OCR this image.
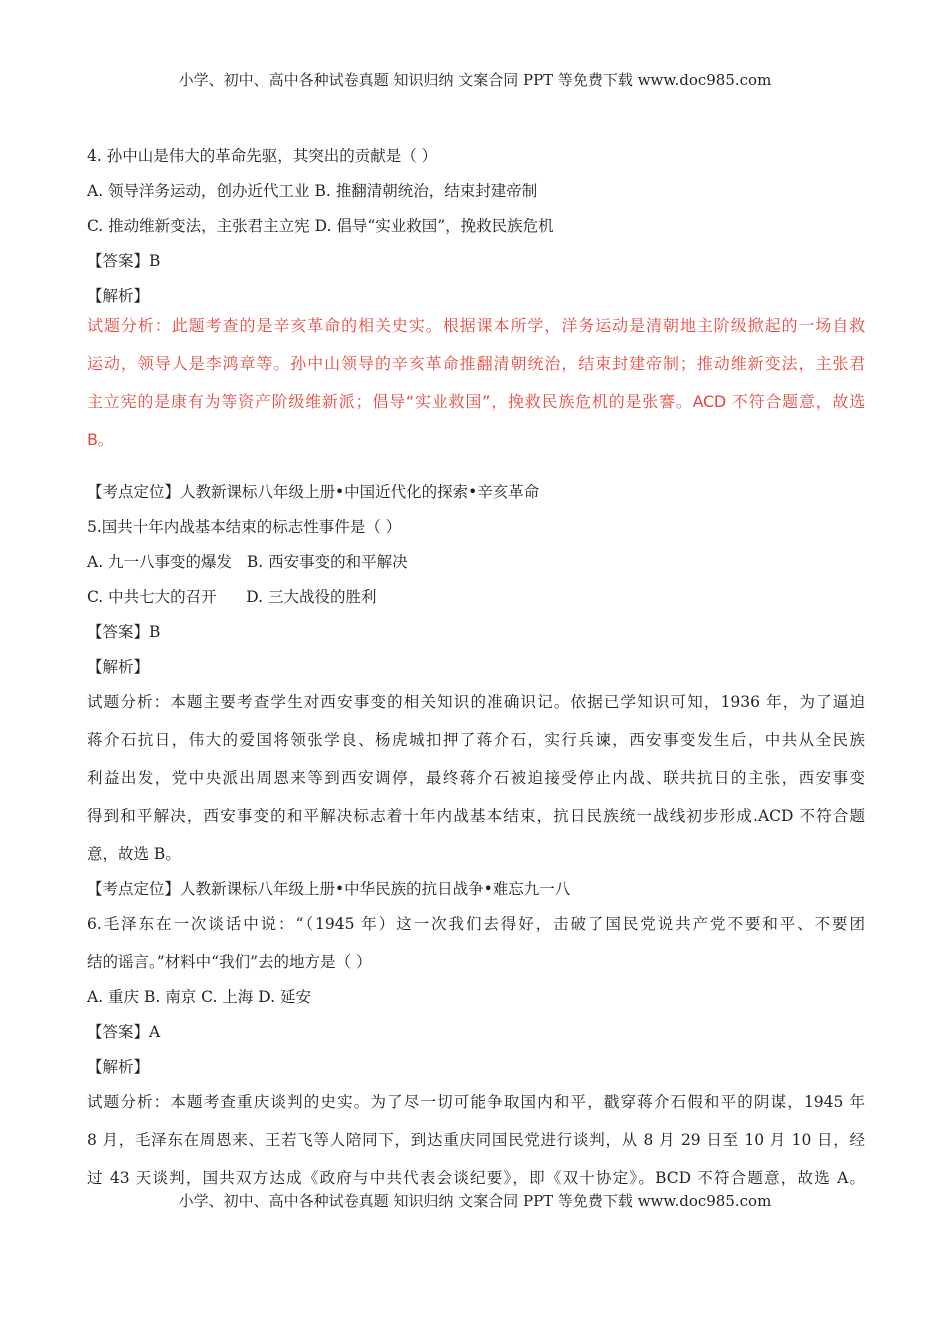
小学、初中、高中各种试卷真题 知识归纳 文案合同 PPT 等免费下载 www.doc985.com
4. 孙中山是伟大的革命先驱，其突出的贡献是（ ）
A. 领导洋务运动，创办近代工业 B. 推翻清朝统治，结束封建帝制
C. 推动维新变法，主张君主立宪 D. 倡导“实业救国”，挽救民族危机
【答案】B
【解析】
试题分析：此题考查的是辛亥革命的相关史实。根据课本所学，洋务运动是清朝地主阶级掀起的一场自救
运动，领导人是李鸿章等。孙中山领导的辛亥革命推翻清朝统治，结束封建帝制；推动维新变法，主张君
主立宪的是康有为等资产阶级维新派；倡导“实业救国”，挽救民族危机的是张謇。ACD 不符合题意，故选
B。
【考点定位】人教新课标八年级上册•中国近代化的探索•辛亥革命
5.国共十年内战基本结束的标志性事件是（ ）
A. 九一八事变的爆发   B. 西安事变的和平解决
C. 中共七大的召开      D. 三大战役的胜利
【答案】B
【解析】
试题分析：本题主要考查学生对西安事变的相关知识的准确识记。依据已学知识可知，1936 年，为了逼迫
蒋介石抗日，伟大的爱国将领张学良、杨虎城扣押了蒋介石，实行兵谏，西安事变发生后，中共从全民族
利益出发，党中央派出周恩来等到西安调停，最终蒋介石被迫接受停止内战、联共抗日的主张，西安事变
得到和平解决，西安事变的和平解决标志着十年内战基本结束，抗日民族统一战线初步形成.ACD 不符合题
意，故选 B。
【考点定位】人教新课标八年级上册•中华民族的抗日战争•难忘九一八
6.毛泽东在一次谈话中说：“（1945 年）这一次我们去得好，击破了国民党说共产党不要和平、不要团
结的谣言。”材料中“我们”去的地方是（ ）
A. 重庆 B. 南京 C. 上海 D. 延安
【答案】A
【解析】
试题分析：本题考查重庆谈判的史实。为了尽一切可能争取国内和平，戳穿蒋介石假和平的阴谋，1945 年
8 月，毛泽东在周恩来、王若飞等人陪同下，到达重庆同国民党进行谈判，从 8 月 29 日至 10 月 10 日，经
过 43 天谈判，国共双方达成《政府与中共代表会谈纪要》，即《双十协定》。BCD 不符合题意，故选 A。
小学、初中、高中各种试卷真题 知识归纳 文案合同 PPT 等免费下载 www.doc985.com
